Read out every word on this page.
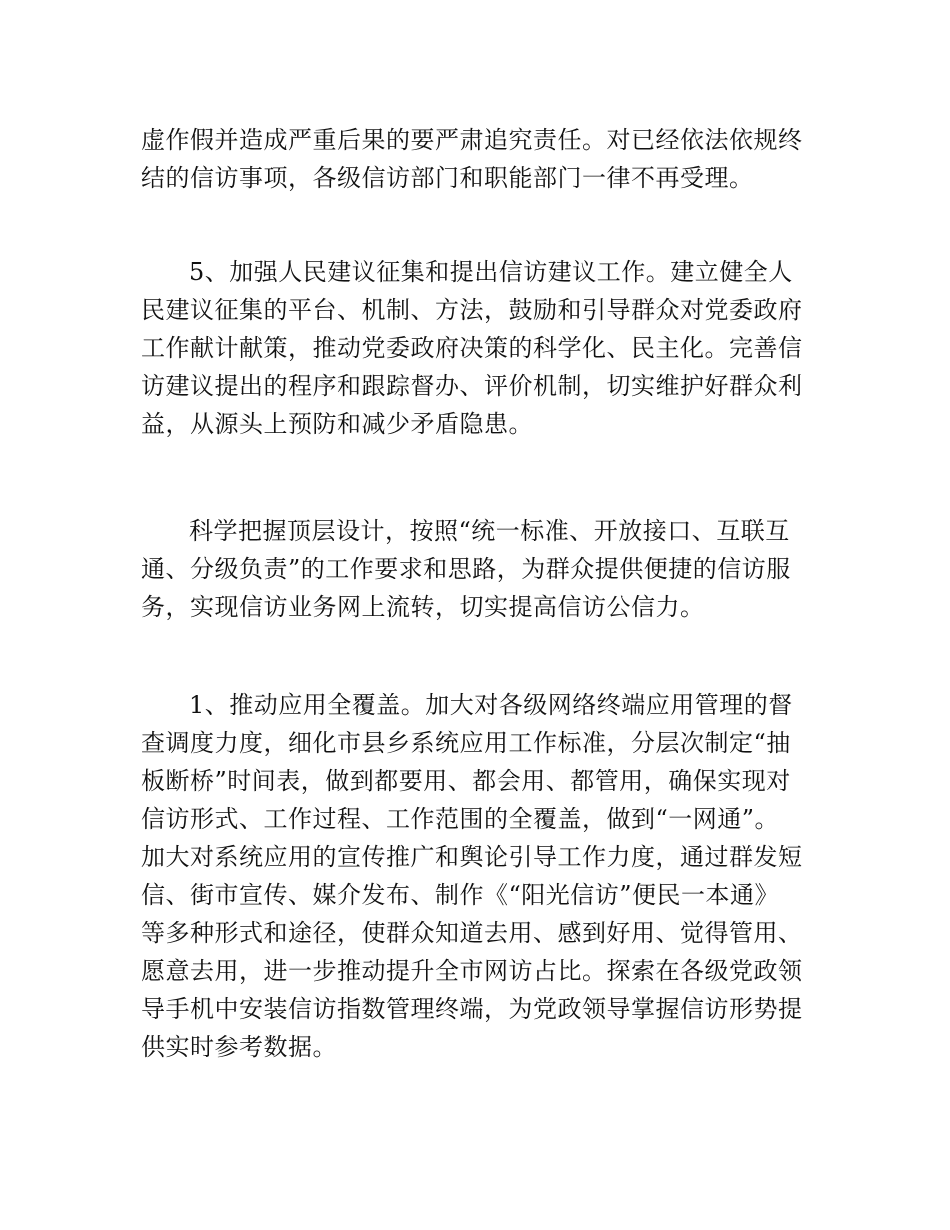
虚作假并造成严重后果的要严肃追究责任。对已经依法依规终
结的信访事项，各级信访部门和职能部门一律不再受理。
5、加强人民建议征集和提出信访建议工作。建立健全人
民建议征集的平台、机制、方法，鼓励和引导群众对党委政府
工作献计献策，推动党委政府决策的科学化、民主化。完善信
访建议提出的程序和跟踪督办、评价机制，切实维护好群众利
益，从源头上预防和减少矛盾隐患。
科学把握顶层设计，按照“统一标准、开放接口、互联互
通、分级负责”的工作要求和思路，为群众提供便捷的信访服
务，实现信访业务网上流转，切实提高信访公信力。
1、推动应用全覆盖。加大对各级网络终端应用管理的督
查调度力度，细化市县乡系统应用工作标准，分层次制定“抽
板断桥”时间表，做到都要用、都会用、都管用，确保实现对
信访形式、工作过程、工作范围的全覆盖，做到“一网通”。
加大对系统应用的宣传推广和舆论引导工作力度，通过群发短
信、街市宣传、媒介发布、制作《“阳光信访”便民一本通》
等多种形式和途径，使群众知道去用、感到好用、觉得管用、
愿意去用，进一步推动提升全市网访占比。探索在各级党政领
导手机中安装信访指数管理终端，为党政领导掌握信访形势提
供实时参考数据。
